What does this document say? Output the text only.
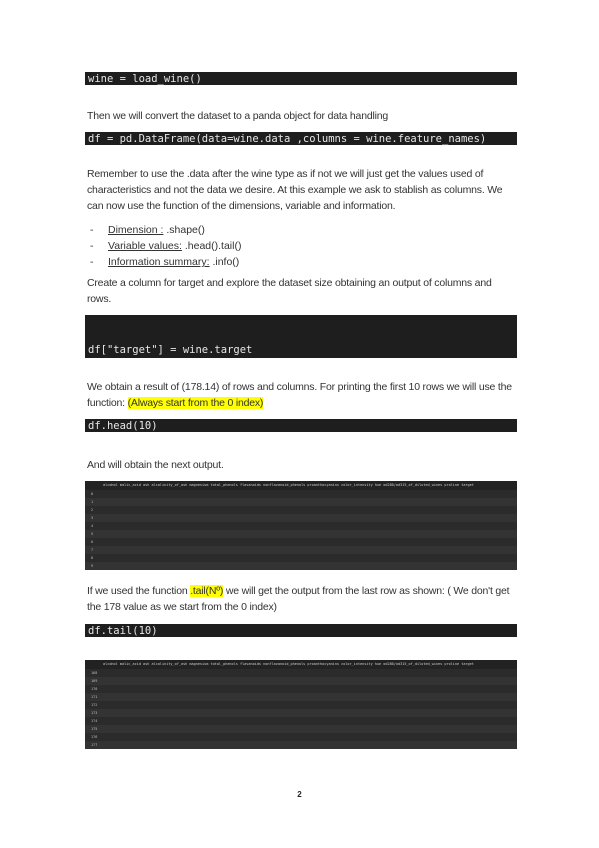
wine = load_wine()
Then we will convert the dataset to a panda object for data handling
df = pd.DataFrame(data=wine.data ,columns = wine.feature_names)
Remember to use the .data after the wine type as if not we will just get the values used of characteristics and not the data we desire. At this example we ask to stablish as columns. We can now use the function of the dimensions, variable and information.
- Dimension : .shape()
- Variable values: .head().tail()
- Information summary: .info()
Create a column for target and explore the dataset size obtaining an output of columns and rows.

df["target"] = wine.target

We obtain a result of (178.14) of rows and columns. For printing the first 10 rows we will use the function: (Always start from the 0 index)
df.head(10)
And will obtain the next output.
alcohol malic_acid ash alcalinity_of_ash magnesium total_phenols flavanoids nonflavanoid_phenols proanthocyanins color_intensity hue od280/od315_of_diluted_wines proline target
0
1
2
3
4
5
6
7
8
9
If we used the function .tail(Nº) we will get the output from the last row as shown: ( We don't get the 178 value as we start from the 0 index)
df.tail(10)
alcohol malic_acid ash alcalinity_of_ash magnesium total_phenols flavanoids nonflavanoid_phenols proanthocyanins color_intensity hue od280/od315_of_diluted_wines proline target
168
169
170
171
172
173
174
175
176
177
2
